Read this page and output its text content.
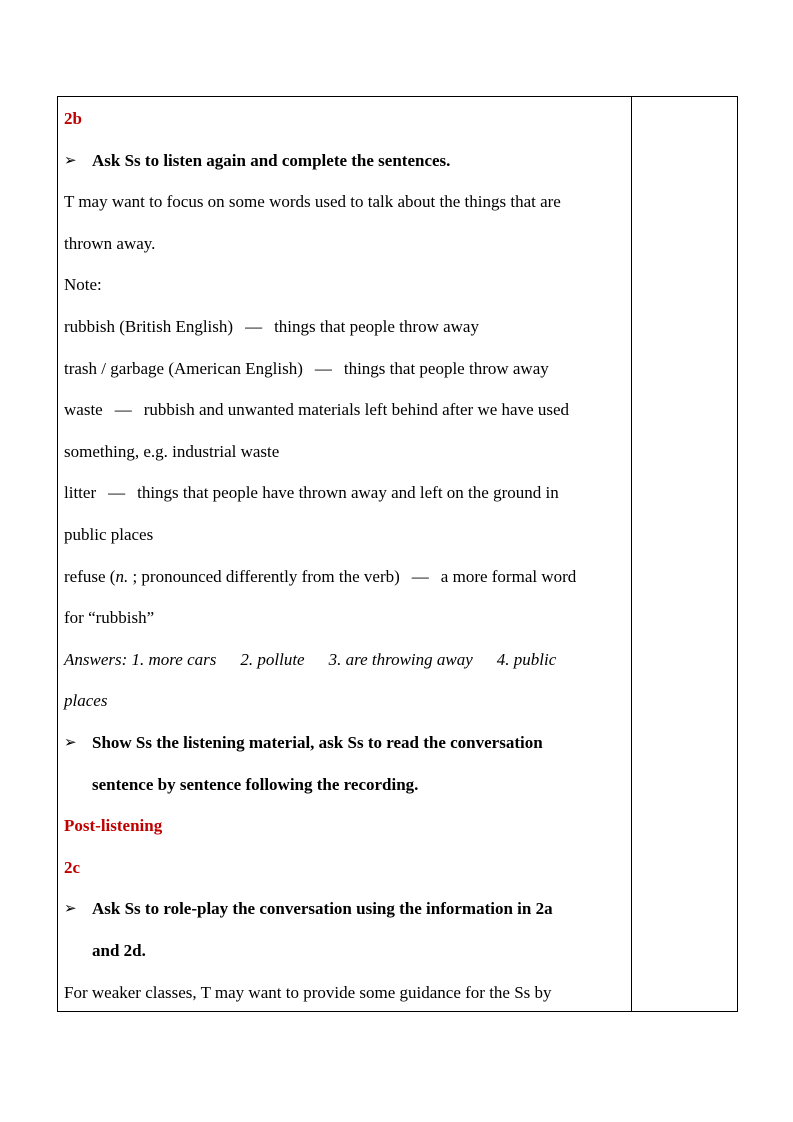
2b
➢ Ask Ss to listen again and complete the sentences.
T may want to focus on some words used to talk about the things that are
thrown away.
Note:
rubbish (British English) — things that people throw away
trash / garbage (American English) — things that people throw away
waste — rubbish and unwanted materials left behind after we have used
something, e.g. industrial waste
litter — things that people have thrown away and left on the ground in
public places
refuse (n. ; pronounced differently from the verb) — a more formal word
for “rubbish”
Answers: 1. more cars 2. pollute 3. are throwing away 4. public
places
➢ Show Ss the listening material, ask Ss to read the conversation
sentence by sentence following the recording.
Post-listening
2c
➢ Ask Ss to role-play the conversation using the information in 2a
and 2d.
For weaker classes, T may want to provide some guidance for the Ss by
